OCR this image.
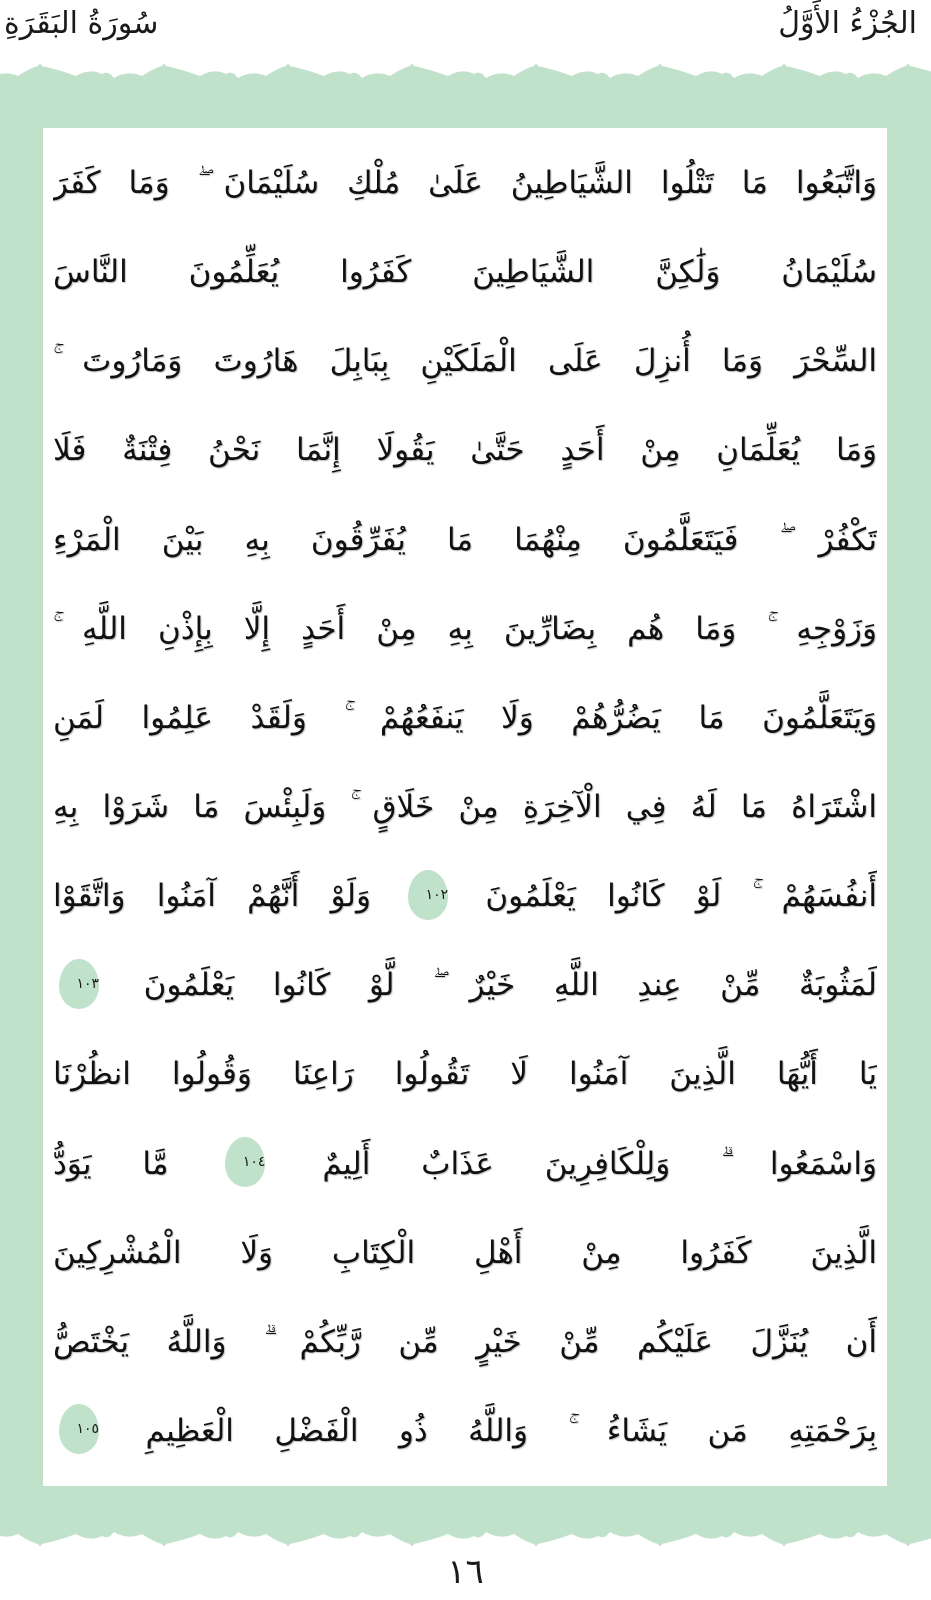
الجُزْءُ الأَوَّلُ
سُورَةُ البَقَرَةِ
وَاتَّبَعُوا مَا تَتْلُوا الشَّيَاطِينُ عَلَىٰ مُلْكِ سُلَيْمَانَ ۖ وَمَا كَفَرَ
سُلَيْمَانُ وَلَٰكِنَّ الشَّيَاطِينَ كَفَرُوا يُعَلِّمُونَ النَّاسَ
السِّحْرَ وَمَا أُنزِلَ عَلَى الْمَلَكَيْنِ بِبَابِلَ هَارُوتَ وَمَارُوتَ ۚ
وَمَا يُعَلِّمَانِ مِنْ أَحَدٍ حَتَّىٰ يَقُولَا إِنَّمَا نَحْنُ فِتْنَةٌ فَلَا
تَكْفُرْ ۖ فَيَتَعَلَّمُونَ مِنْهُمَا مَا يُفَرِّقُونَ بِهِ بَيْنَ الْمَرْءِ
وَزَوْجِهِ ۚ وَمَا هُم بِضَارِّينَ بِهِ مِنْ أَحَدٍ إِلَّا بِإِذْنِ اللَّهِ ۚ
وَيَتَعَلَّمُونَ مَا يَضُرُّهُمْ وَلَا يَنفَعُهُمْ ۚ وَلَقَدْ عَلِمُوا لَمَنِ
اشْتَرَاهُ مَا لَهُ فِي الْآخِرَةِ مِنْ خَلَاقٍ ۚ وَلَبِئْسَ مَا شَرَوْا بِهِ
أَنفُسَهُمْ ۚ لَوْ كَانُوا يَعْلَمُونَ ١٠٢ وَلَوْ أَنَّهُمْ آمَنُوا وَاتَّقَوْا
لَمَثُوبَةٌ مِّنْ عِندِ اللَّهِ خَيْرٌ ۖ لَّوْ كَانُوا يَعْلَمُونَ ١٠٣
يَا أَيُّهَا الَّذِينَ آمَنُوا لَا تَقُولُوا رَاعِنَا وَقُولُوا انظُرْنَا
وَاسْمَعُوا ۗ وَلِلْكَافِرِينَ عَذَابٌ أَلِيمٌ ١٠٤ مَّا يَوَدُّ
الَّذِينَ كَفَرُوا مِنْ أَهْلِ الْكِتَابِ وَلَا الْمُشْرِكِينَ
أَن يُنَزَّلَ عَلَيْكُم مِّنْ خَيْرٍ مِّن رَّبِّكُمْ ۗ وَاللَّهُ يَخْتَصُّ
بِرَحْمَتِهِ مَن يَشَاءُ ۚ وَاللَّهُ ذُو الْفَضْلِ الْعَظِيمِ ١٠٥
١٦
